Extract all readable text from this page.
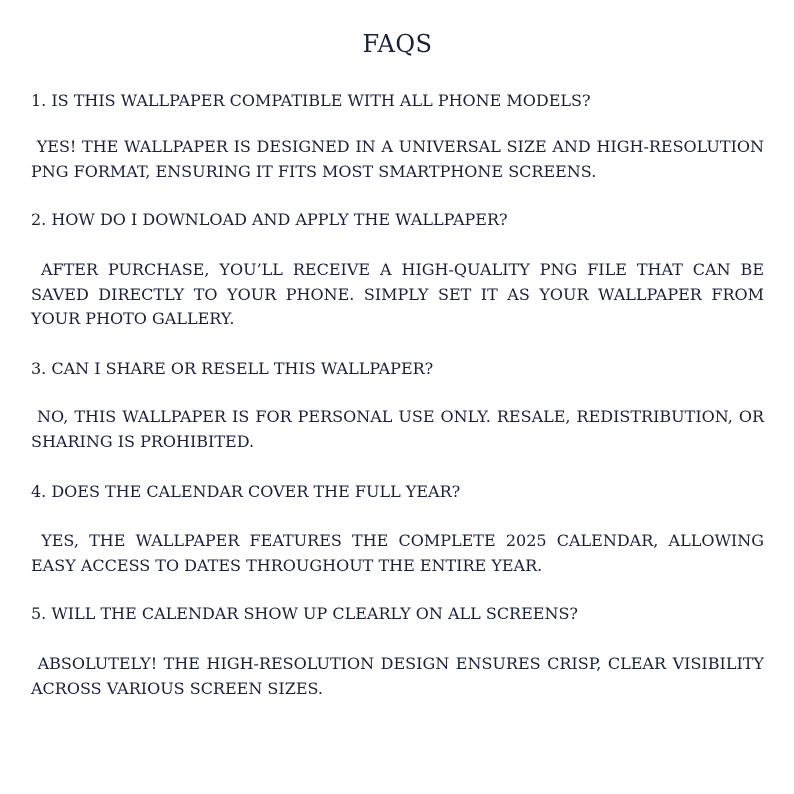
FAQS

1. IS THIS WALLPAPER COMPATIBLE WITH ALL PHONE MODELS?

YES! THE WALLPAPER IS DESIGNED IN A UNIVERSAL SIZE AND HIGH-RESOLUTION PNG FORMAT, ENSURING IT FITS MOST SMARTPHONE SCREENS.

2. HOW DO I DOWNLOAD AND APPLY THE WALLPAPER?

AFTER PURCHASE, YOU’LL RECEIVE A HIGH-QUALITY PNG FILE THAT CAN BE SAVED DIRECTLY TO YOUR PHONE. SIMPLY SET IT AS YOUR WALLPAPER FROM YOUR PHOTO GALLERY.

3. CAN I SHARE OR RESELL THIS WALLPAPER?

NO, THIS WALLPAPER IS FOR PERSONAL USE ONLY. RESALE, REDISTRIBUTION, OR SHARING IS PROHIBITED.

4. DOES THE CALENDAR COVER THE FULL YEAR?

YES, THE WALLPAPER FEATURES THE COMPLETE 2025 CALENDAR, ALLOWING EASY ACCESS TO DATES THROUGHOUT THE ENTIRE YEAR.

5. WILL THE CALENDAR SHOW UP CLEARLY ON ALL SCREENS?

ABSOLUTELY! THE HIGH-RESOLUTION DESIGN ENSURES CRISP, CLEAR VISIBILITY ACROSS VARIOUS SCREEN SIZES.
